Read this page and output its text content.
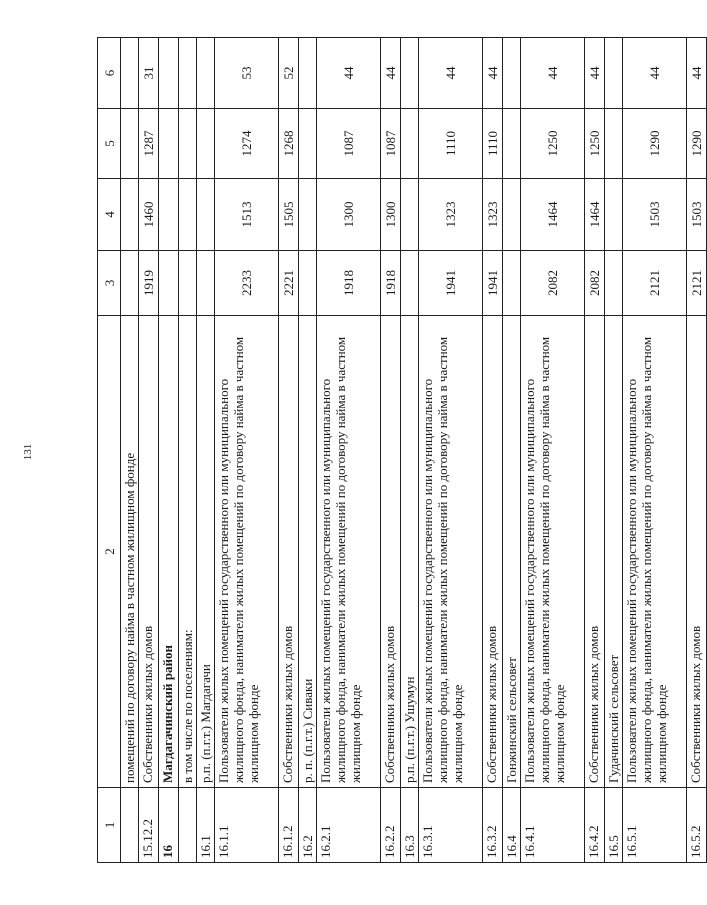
131
1	2	3	4	5	6
	помещений по договору найма в частном жилищном фонде				
15.12.2	Собственники жилых домов	1919	1460	1287	31
16	Магдагачинский район				
	в том числе по поселениям:				
16.1	р.п. (п.г.т.) Магдагачи				
16.1.1	Пользователи жилых помещений государственного или муниципального жилищного фонда, наниматели жилых помещений по договору найма в частном жилищном фонде	2233	1513	1274	53
16.1.2	Собственники жилых домов	2221	1505	1268	52
16.2	р. п. (п.г.т.) Сиваки				
16.2.1	Пользователи жилых помещений государственного или муниципального жилищного фонда, наниматели жилых помещений по договору найма в частном жилищном фонде	1918	1300	1087	44
16.2.2	Собственники жилых домов	1918	1300	1087	44
16.3	р.п. (п.г.т.) Ушумун				
16.3.1	Пользователи жилых помещений государственного или муниципального жилищного фонда, наниматели жилых помещений по договору найма в частном жилищном фонде	1941	1323	1110	44
16.3.2	Собственники жилых домов	1941	1323	1110	44
16.4	Гонжинский сельсовет				
16.4.1	Пользователи жилых помещений государственного или муниципального жилищного фонда, наниматели жилых помещений по договору найма в частном жилищном фонде	2082	1464	1250	44
16.4.2	Собственники жилых домов	2082	1464	1250	44
16.5	Гудачинский сельсовет				
16.5.1	Пользователи жилых помещений государственного или муниципального жилищного фонда, наниматели жилых помещений по договору найма в частном жилищном фонде	2121	1503	1290	44
16.5.2	Собственники жилых домов	2121	1503	1290	44
